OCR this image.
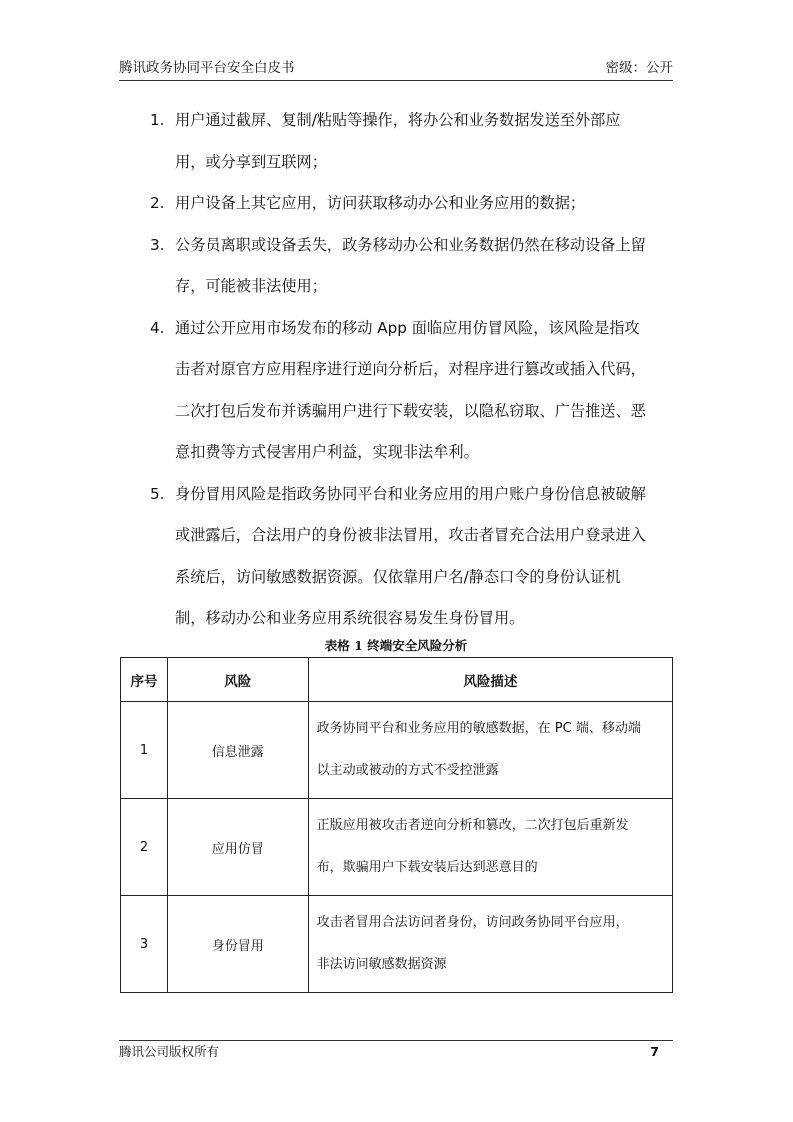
腾讯政务协同平台安全白皮书	密级：公开
1. 用户通过截屏、复制/粘贴等操作，将办公和业务数据发送至外部应
用，或分享到互联网；
2. 用户设备上其它应用，访问获取移动办公和业务应用的数据；
3. 公务员离职或设备丢失，政务移动办公和业务数据仍然在移动设备上留
存，可能被非法使用；
4. 通过公开应用市场发布的移动 App 面临应用仿冒风险，该风险是指攻
击者对原官方应用程序进行逆向分析后，对程序进行篡改或插入代码，
二次打包后发布并诱骗用户进行下载安装，以隐私窃取、广告推送、恶
意扣费等方式侵害用户利益，实现非法牟利。
5. 身份冒用风险是指政务协同平台和业务应用的用户账户身份信息被破解
或泄露后，合法用户的身份被非法冒用，攻击者冒充合法用户登录进入
系统后，访问敏感数据资源。仅依靠用户名/静态口令的身份认证机
制，移动办公和业务应用系统很容易发生身份冒用。
表格 1 终端安全风险分析
序号	风险	风险描述
1	信息泄露	政务协同平台和业务应用的敏感数据，在 PC 端、移动端
以主动或被动的方式不受控泄露

2	应用仿冒	正版应用被攻击者逆向分析和篡改，二次打包后重新发
布，欺骗用户下载安装后达到恶意目的

3	身份冒用	攻击者冒用合法访问者身份，访问政务协同平台应用，
非法访问敏感数据资源
腾讯公司版权所有	7
